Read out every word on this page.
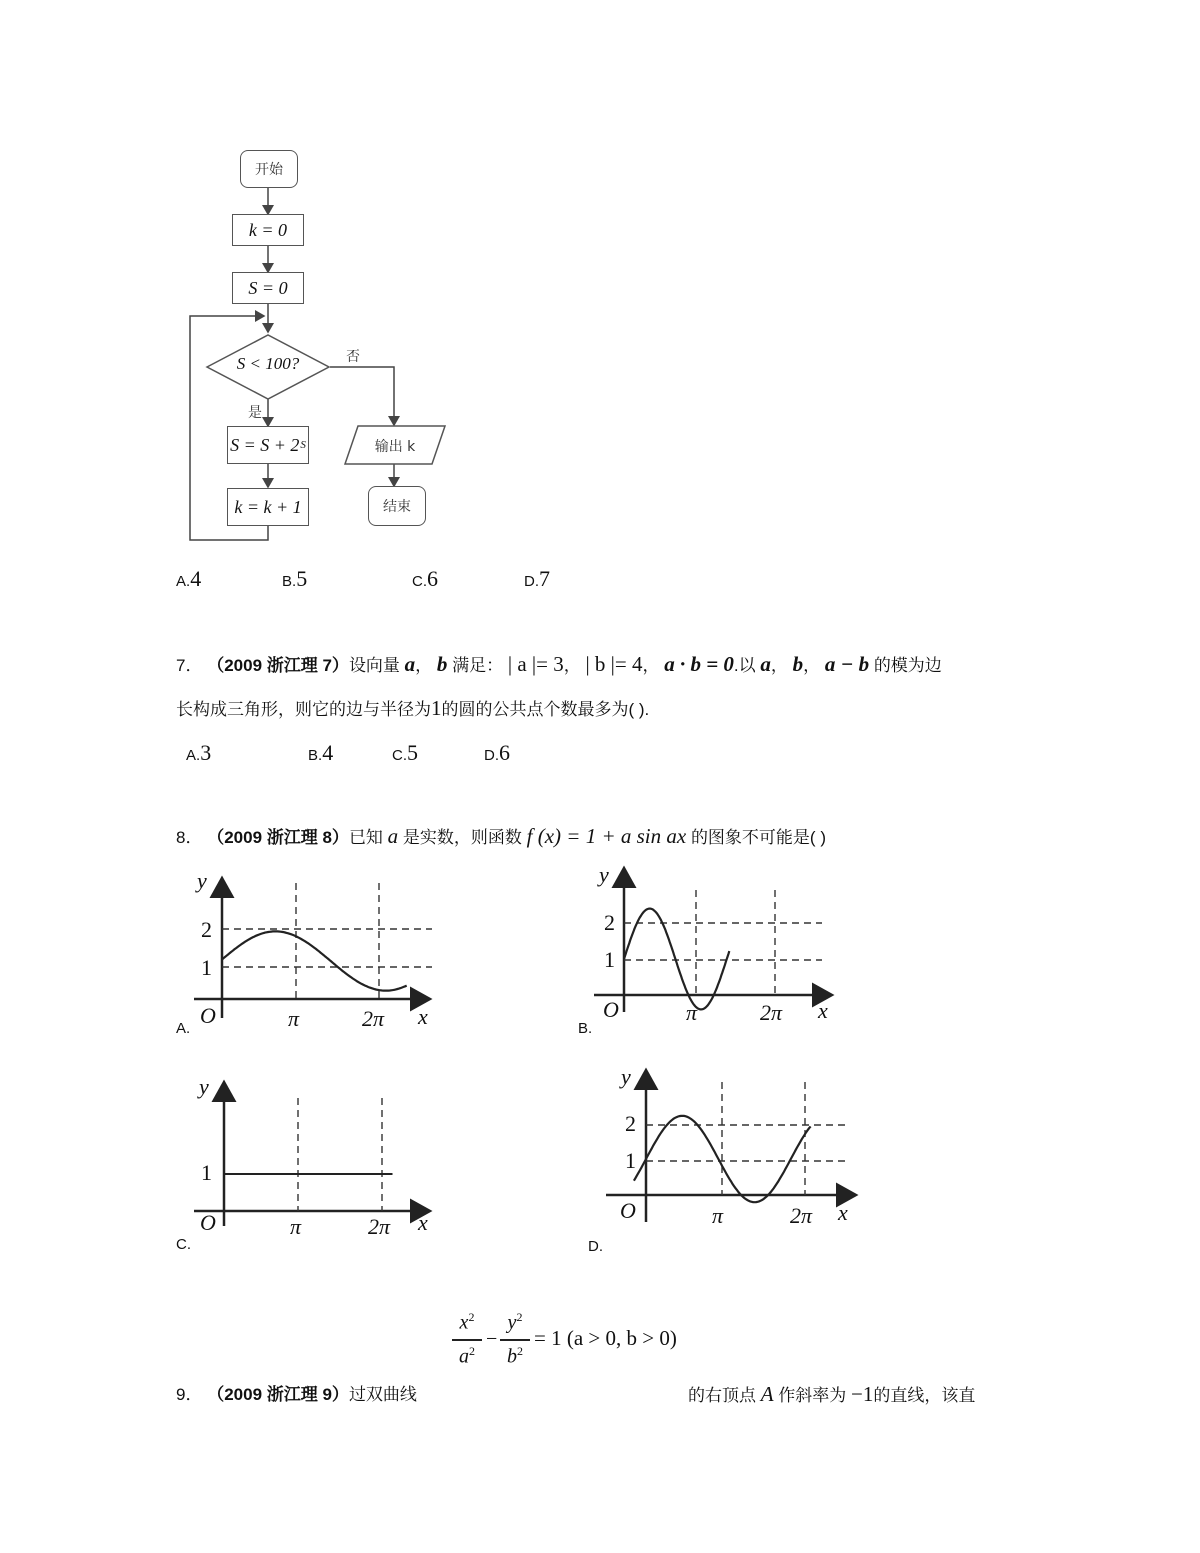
开始
k = 0
S = 0
S < 100?	否
是
S = S + 2 S
k = k + 1
输出 k
结束
A.4	B.5	C.6	D.7
7． （2009 浙江理 7）设向量 a， b 满足： | a |= 3， | b |= 4， a · b = 0.以 a， b， a − b 的模为边
长构成三角形，则它的边与半径为1的圆的公共点个数最多为( ).
A.3	B.4	C.5	D.6
8． （2009 浙江理 8）已知 a 是实数，则函数 f (x) = 1 + a sin ax 的图象不可能是( )
y
2
1
O	π	2π x
A.
y
2
1
O	π	2π x
B.
y
1
O	π	2π x
C.
y
2
1
O	π	2π x
D.
9． （2009 浙江理 9）过双曲线
$x^2$
$a^2$
−
$y^2$
$b^2$
= 1 (a > 0, b > 0)
的右顶点 A 作斜率为 −1的直线，该直
